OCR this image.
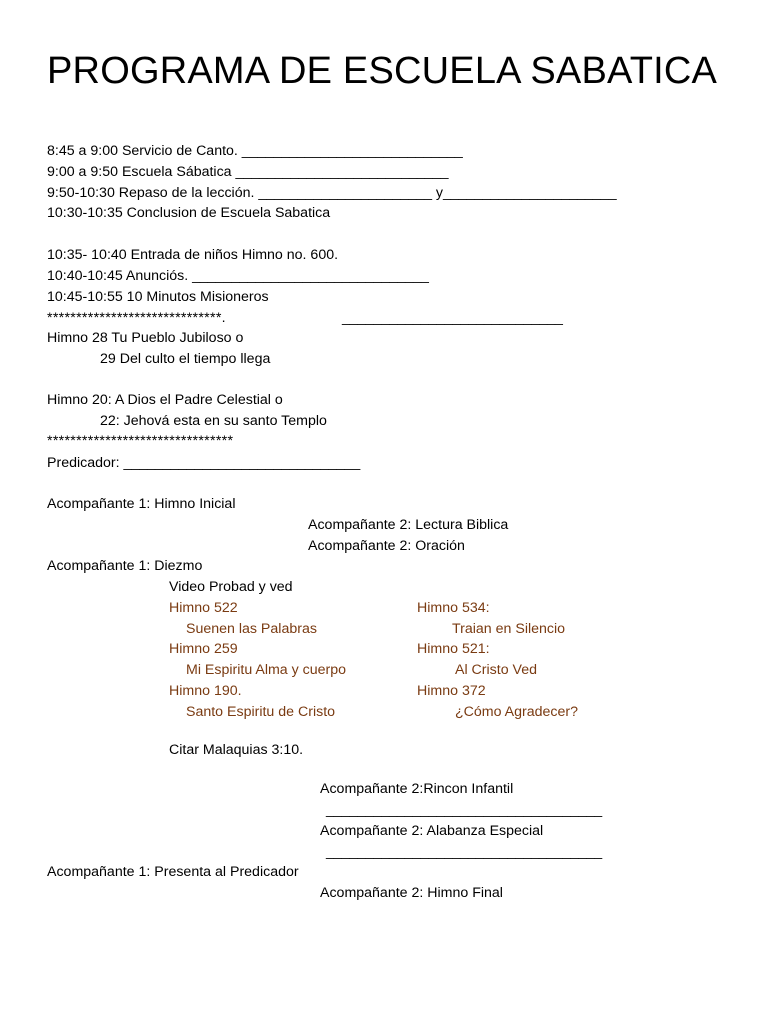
PROGRAMA DE ESCUELA SABATICA
8:45 a 9:00 Servicio de Canto. ____________________________
9:00 a 9:50 Escuela Sábatica ___________________________
9:50-10:30 Repaso de la lección. ______________________ y______________________
10:30-10:35 Conclusion de Escuela Sabatica
10:35- 10:40 Entrada de niños Himno no. 600.
10:40-10:45 Anunciós. ______________________________
10:45-10:55 10 Minutos Misioneros
******************************.	____________________________
Himno 28 Tu Pueblo Jubiloso o
29 Del culto el tiempo llega
Himno 20: A Dios el Padre Celestial o
22: Jehová esta en su santo Templo
********************************
Predicador: ______________________________
Acompañante 1: Himno Inicial
Acompañante 2: Lectura Biblica
Acompañante 2: Oración
Acompañante 1: Diezmo
Video Probad y ved
Himno 522
Suenen las Palabras
Himno 259
Mi Espiritu Alma y cuerpo
Himno 190.
Santo Espiritu de Cristo
Himno 534:
Traian en Silencio
Himno 521:
Al Cristo Ved
Himno 372
¿Cómo Agradecer?
Citar Malaquias 3:10.
Acompañante 2:Rincon Infantil
___________________________________
Acompañante 2: Alabanza Especial
___________________________________
Acompañante 1: Presenta al Predicador
Acompañante 2: Himno Final
